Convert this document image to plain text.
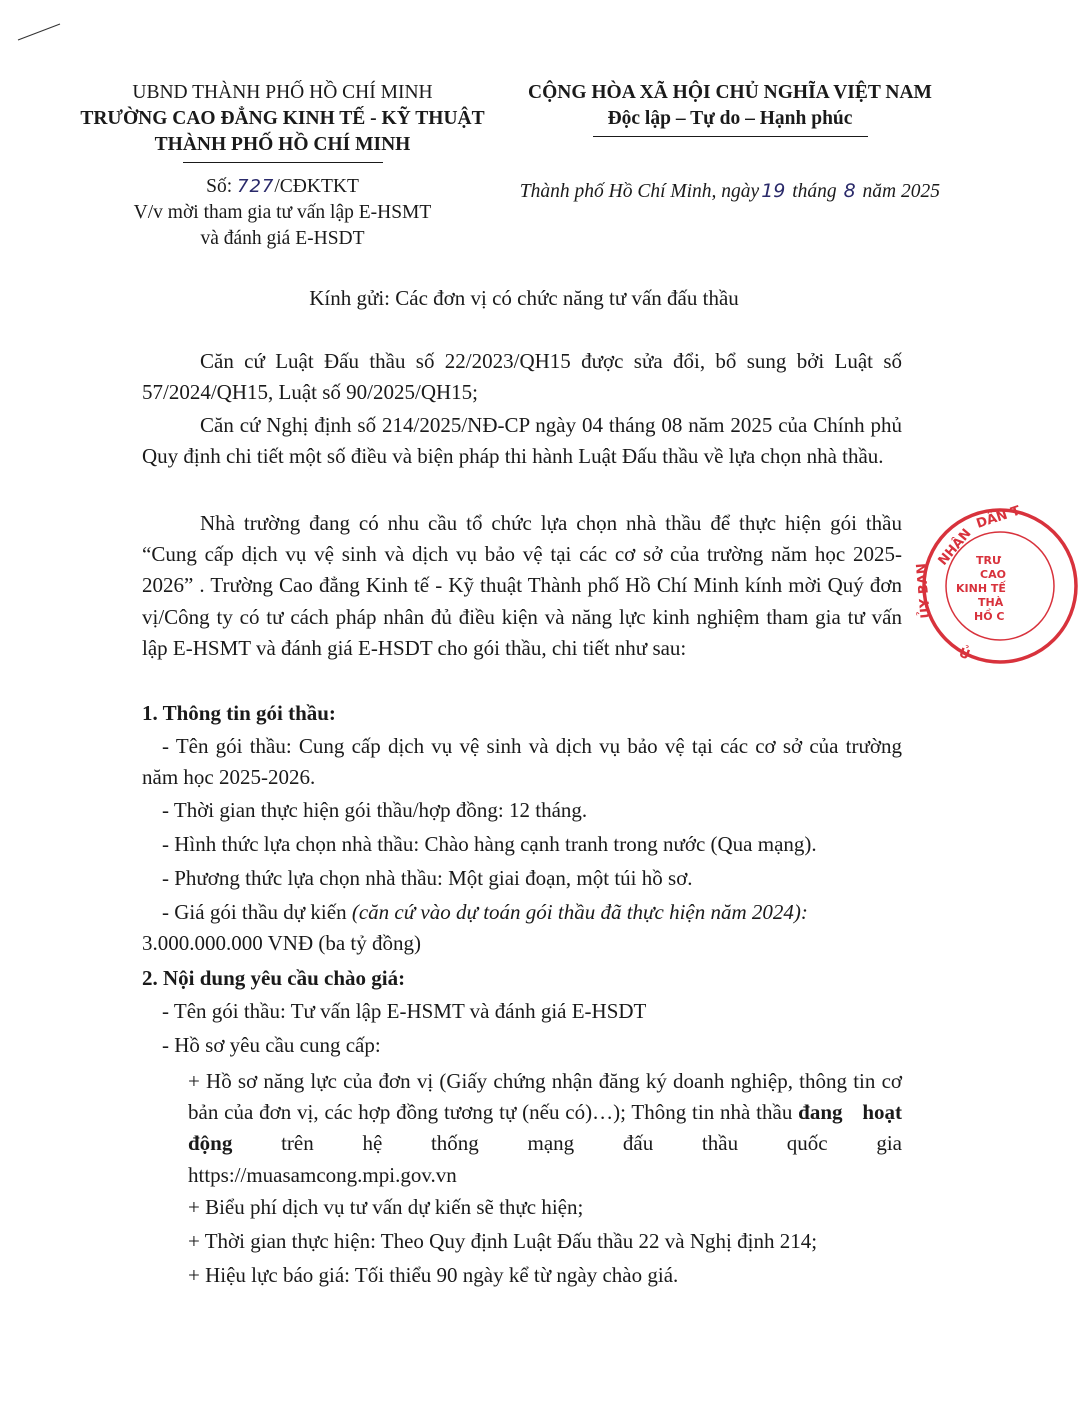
UBND THÀNH PHỐ HỒ CHÍ MINH
TRƯỜNG CAO ĐẲNG KINH TẾ - KỸ THUẬT
THÀNH PHỐ HỒ CHÍ MINH
CỘNG HÒA XÃ HỘI CHỦ NGHĨA VIỆT NAM
Độc lập – Tự do – Hạnh phúc
Số: 727/CĐKTKT
V/v mời tham gia tư vấn lập E-HSMT
và đánh giá E-HSDT
Thành phố Hồ Chí Minh, ngày 19 tháng 8 năm 2025
Kính gửi: Các đơn vị có chức năng tư vấn đấu thầu
Căn cứ Luật Đấu thầu số 22/2023/QH15 được sửa đổi, bổ sung bởi Luật số 57/2024/QH15, Luật số 90/2025/QH15;
Căn cứ Nghị định số 214/2025/NĐ-CP ngày 04 tháng 08 năm 2025 của Chính phủ Quy định chi tiết một số điều và biện pháp thi hành Luật Đấu thầu về lựa chọn nhà thầu.
Nhà trường đang có nhu cầu tổ chức lựa chọn nhà thầu để thực hiện gói thầu “Cung cấp dịch vụ vệ sinh và dịch vụ bảo vệ tại các cơ sở của trường năm học 2025-2026” . Trường Cao đẳng Kinh tế - Kỹ thuật Thành phố Hồ Chí Minh kính mời Quý đơn vị/Công ty có tư cách pháp nhân đủ điều kiện và năng lực kinh nghiệm tham gia tư vấn lập E-HSMT và đánh giá E-HSDT cho gói thầu, chi tiết như sau:
1. Thông tin gói thầu:
- Tên gói thầu: Cung cấp dịch vụ vệ sinh và dịch vụ bảo vệ tại các cơ sở của trường năm học 2025-2026.
- Thời gian thực hiện gói thầu/hợp đồng: 12 tháng.
- Hình thức lựa chọn nhà thầu: Chào hàng cạnh tranh trong nước (Qua mạng).
- Phương thức lựa chọn nhà thầu: Một giai đoạn, một túi hồ sơ.
- Giá gói thầu dự kiến (căn cứ vào dự toán gói thầu đã thực hiện năm 2024):
3.000.000.000 VNĐ (ba tỷ đồng)
2. Nội dung yêu cầu chào giá:
- Tên gói thầu: Tư vấn lập E-HSMT và đánh giá E-HSDT
- Hồ sơ yêu cầu cung cấp:
+ Hồ sơ năng lực của đơn vị (Giấy chứng nhận đăng ký doanh nghiệp, thông tin cơ bản của đơn vị, các hợp đồng tương tự (nếu có)…); Thông tin nhà thầu đang hoạt động trên hệ thống mạng đấu thầu quốc gia https://muasamcong.mpi.gov.vn
+ Biểu phí dịch vụ tư vấn dự kiến sẽ thực hiện;
+ Thời gian thực hiện: Theo Quy định Luật Đấu thầu 22 và Nghị định 214;
+ Hiệu lực báo giá: Tối thiểu 90 ngày kể từ ngày chào giá.
NHÂN
DÂN T
ỦY BAN
Ủ
TRƯ
CAO
KINH TẾ
THÀ
HỒ C
